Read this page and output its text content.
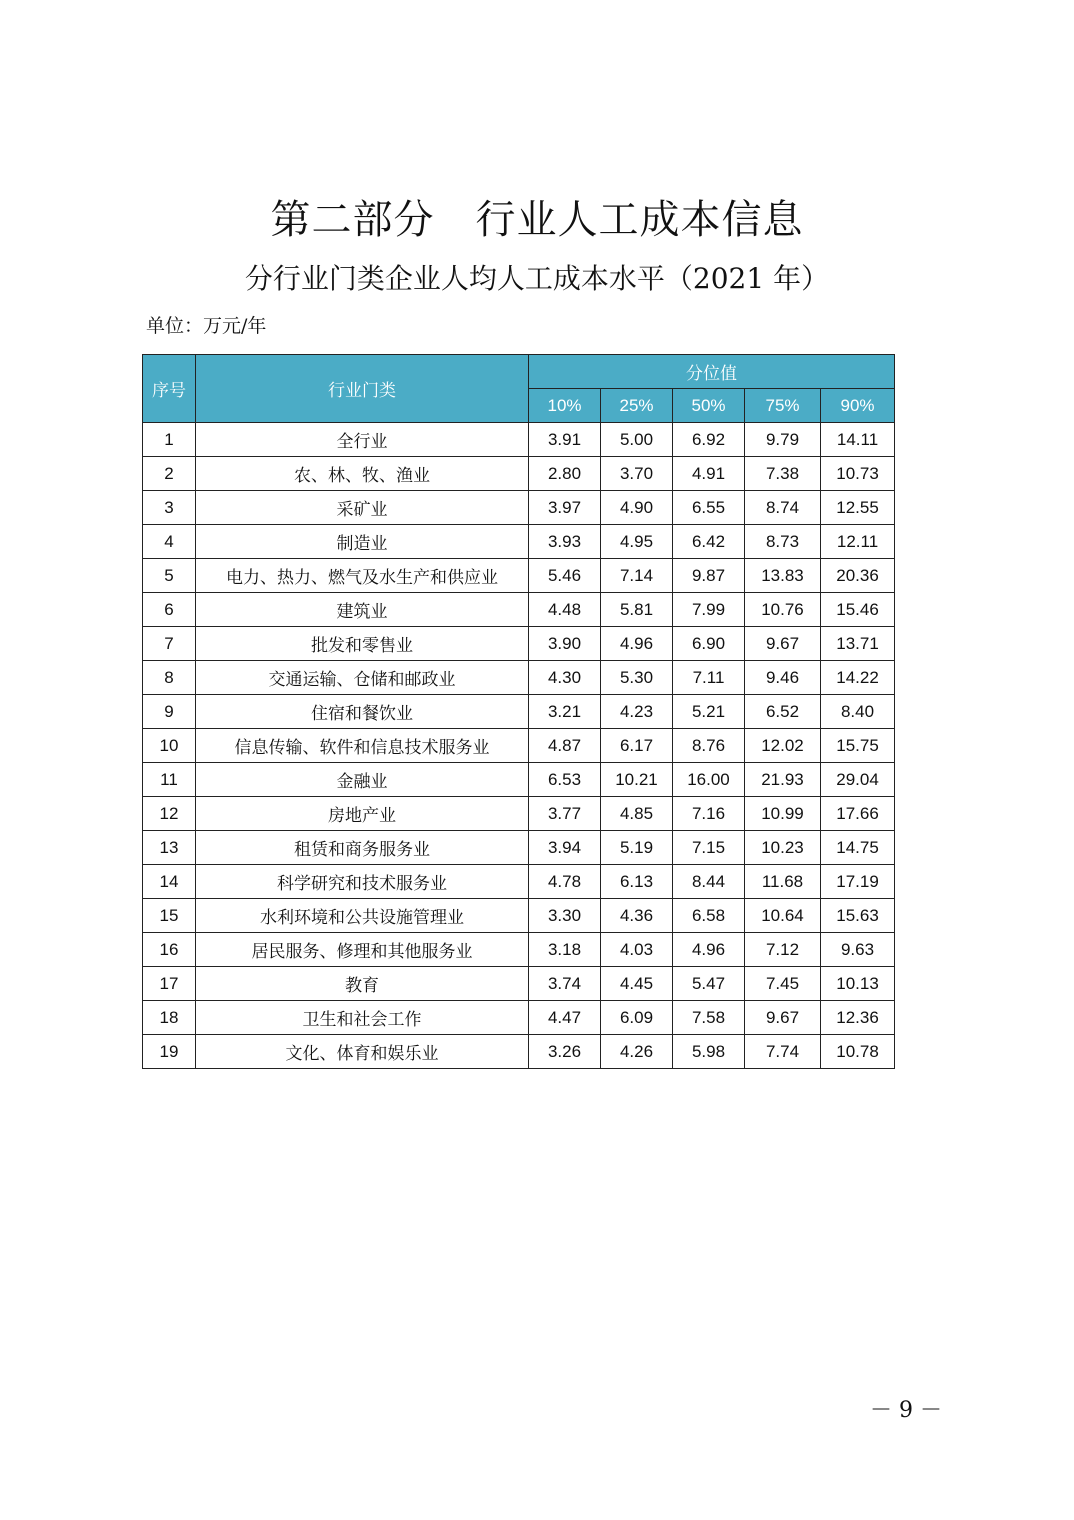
第二部分　行业人工成本信息
分行业门类企业人均人工成本水平（2021 年）
单位：万元/年
序号	行业门类	分位值				
		10%	25%	50%	75%	90%
1	全行业	3.91	5.00	6.92	9.79	14.11
2	农、林、牧、渔业	2.80	3.70	4.91	7.38	10.73
3	采矿业	3.97	4.90	6.55	8.74	12.55
4	制造业	3.93	4.95	6.42	8.73	12.11
5	电力、热力、燃气及水生产和供应业	5.46	7.14	9.87	13.83	20.36
6	建筑业	4.48	5.81	7.99	10.76	15.46
7	批发和零售业	3.90	4.96	6.90	9.67	13.71
8	交通运输、仓储和邮政业	4.30	5.30	7.11	9.46	14.22
9	住宿和餐饮业	3.21	4.23	5.21	6.52	8.40
10	信息传输、软件和信息技术服务业	4.87	6.17	8.76	12.02	15.75
11	金融业	6.53	10.21	16.00	21.93	29.04
12	房地产业	3.77	4.85	7.16	10.99	17.66
13	租赁和商务服务业	3.94	5.19	7.15	10.23	14.75
14	科学研究和技术服务业	4.78	6.13	8.44	11.68	17.19
15	水利环境和公共设施管理业	3.30	4.36	6.58	10.64	15.63
16	居民服务、修理和其他服务业	3.18	4.03	4.96	7.12	9.63
17	教育	3.74	4.45	5.47	7.45	10.13
18	卫生和社会工作	4.47	6.09	7.58	9.67	12.36
19	文化、体育和娱乐业	3.26	4.26	5.98	7.74	10.78
－ 9 －
